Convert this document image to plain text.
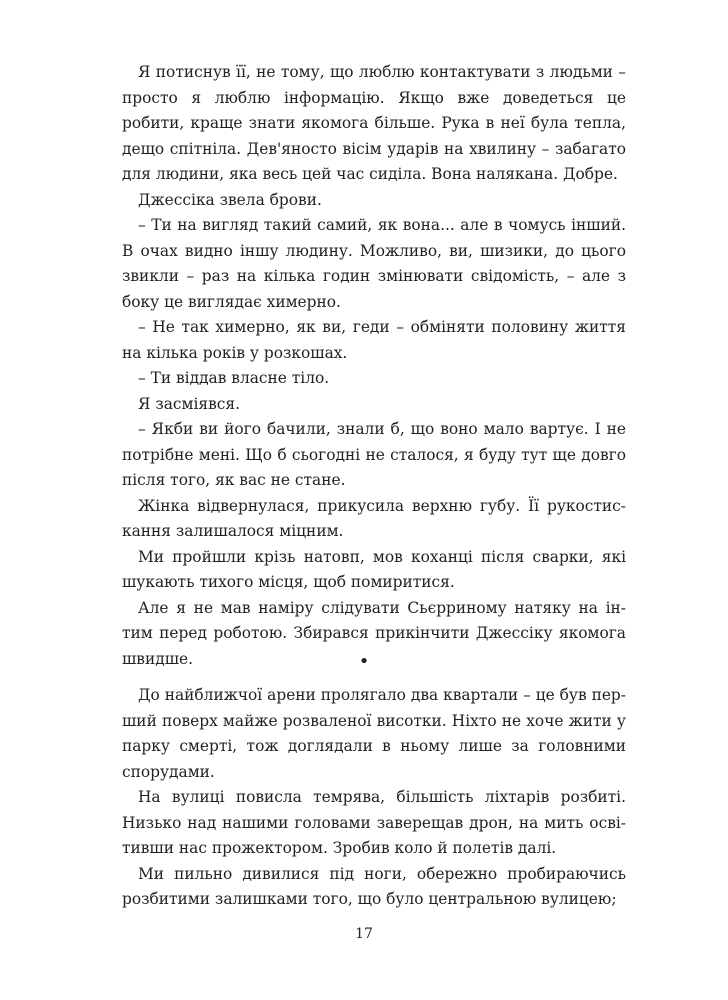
Я потиснув її, не тому, що люблю контактувати з людьми – просто я люблю інформацію. Якщо вже доведеться це робити, краще знати якомога більше. Рука в неї була тепла, дещо спітніла. Дев'яносто вісім ударів на хвилину – забагато для людини, яка весь цей час сиділа. Вона налякана. Добре.

Джессіка звела брови.

– Ти на вигляд такий самий, як вона... але в чомусь інший. В очах видно іншу людину. Можливо, ви, шизики, до цього звикли – раз на кілька годин змінювати свідомість, – але з боку це виглядає химерно.

– Не так химерно, як ви, геди – обміняти половину життя на кілька років у розкошах.

– Ти віддав власне тіло.

Я засміявся.

– Якби ви його бачили, знали б, що воно мало вартує. І не потрібне мені. Що б сьогодні не сталося, я буду тут ще довго після того, як вас не стане.

Жінка відвернулася, прикусила верхню губу. Її рукостискання залишалося міцним.

Ми пройшли крізь натовп, мов коханці після сварки, які шукають тихого місця, щоб помиритися.

Але я не мав наміру слідувати Сьєрриному натяку на інтим перед роботою. Збирався прикінчити Джессіку якомога швидше.	•

До найближчої арени пролягало два квартали – це був перший поверх майже розваленої висотки. Ніхто не хоче жити у парку смерті, тож доглядали в ньому лише за головними спорудами.

На вулиці повисла темрява, більшість ліхтарів розбиті. Низько над нашими головами заверещав дрон, на мить освітивши нас прожектором. Зробив коло й полетів далі.

Ми пильно дивилися під ноги, обережно пробираючись розбитими залишками того, що було центральною вулицею;

17
